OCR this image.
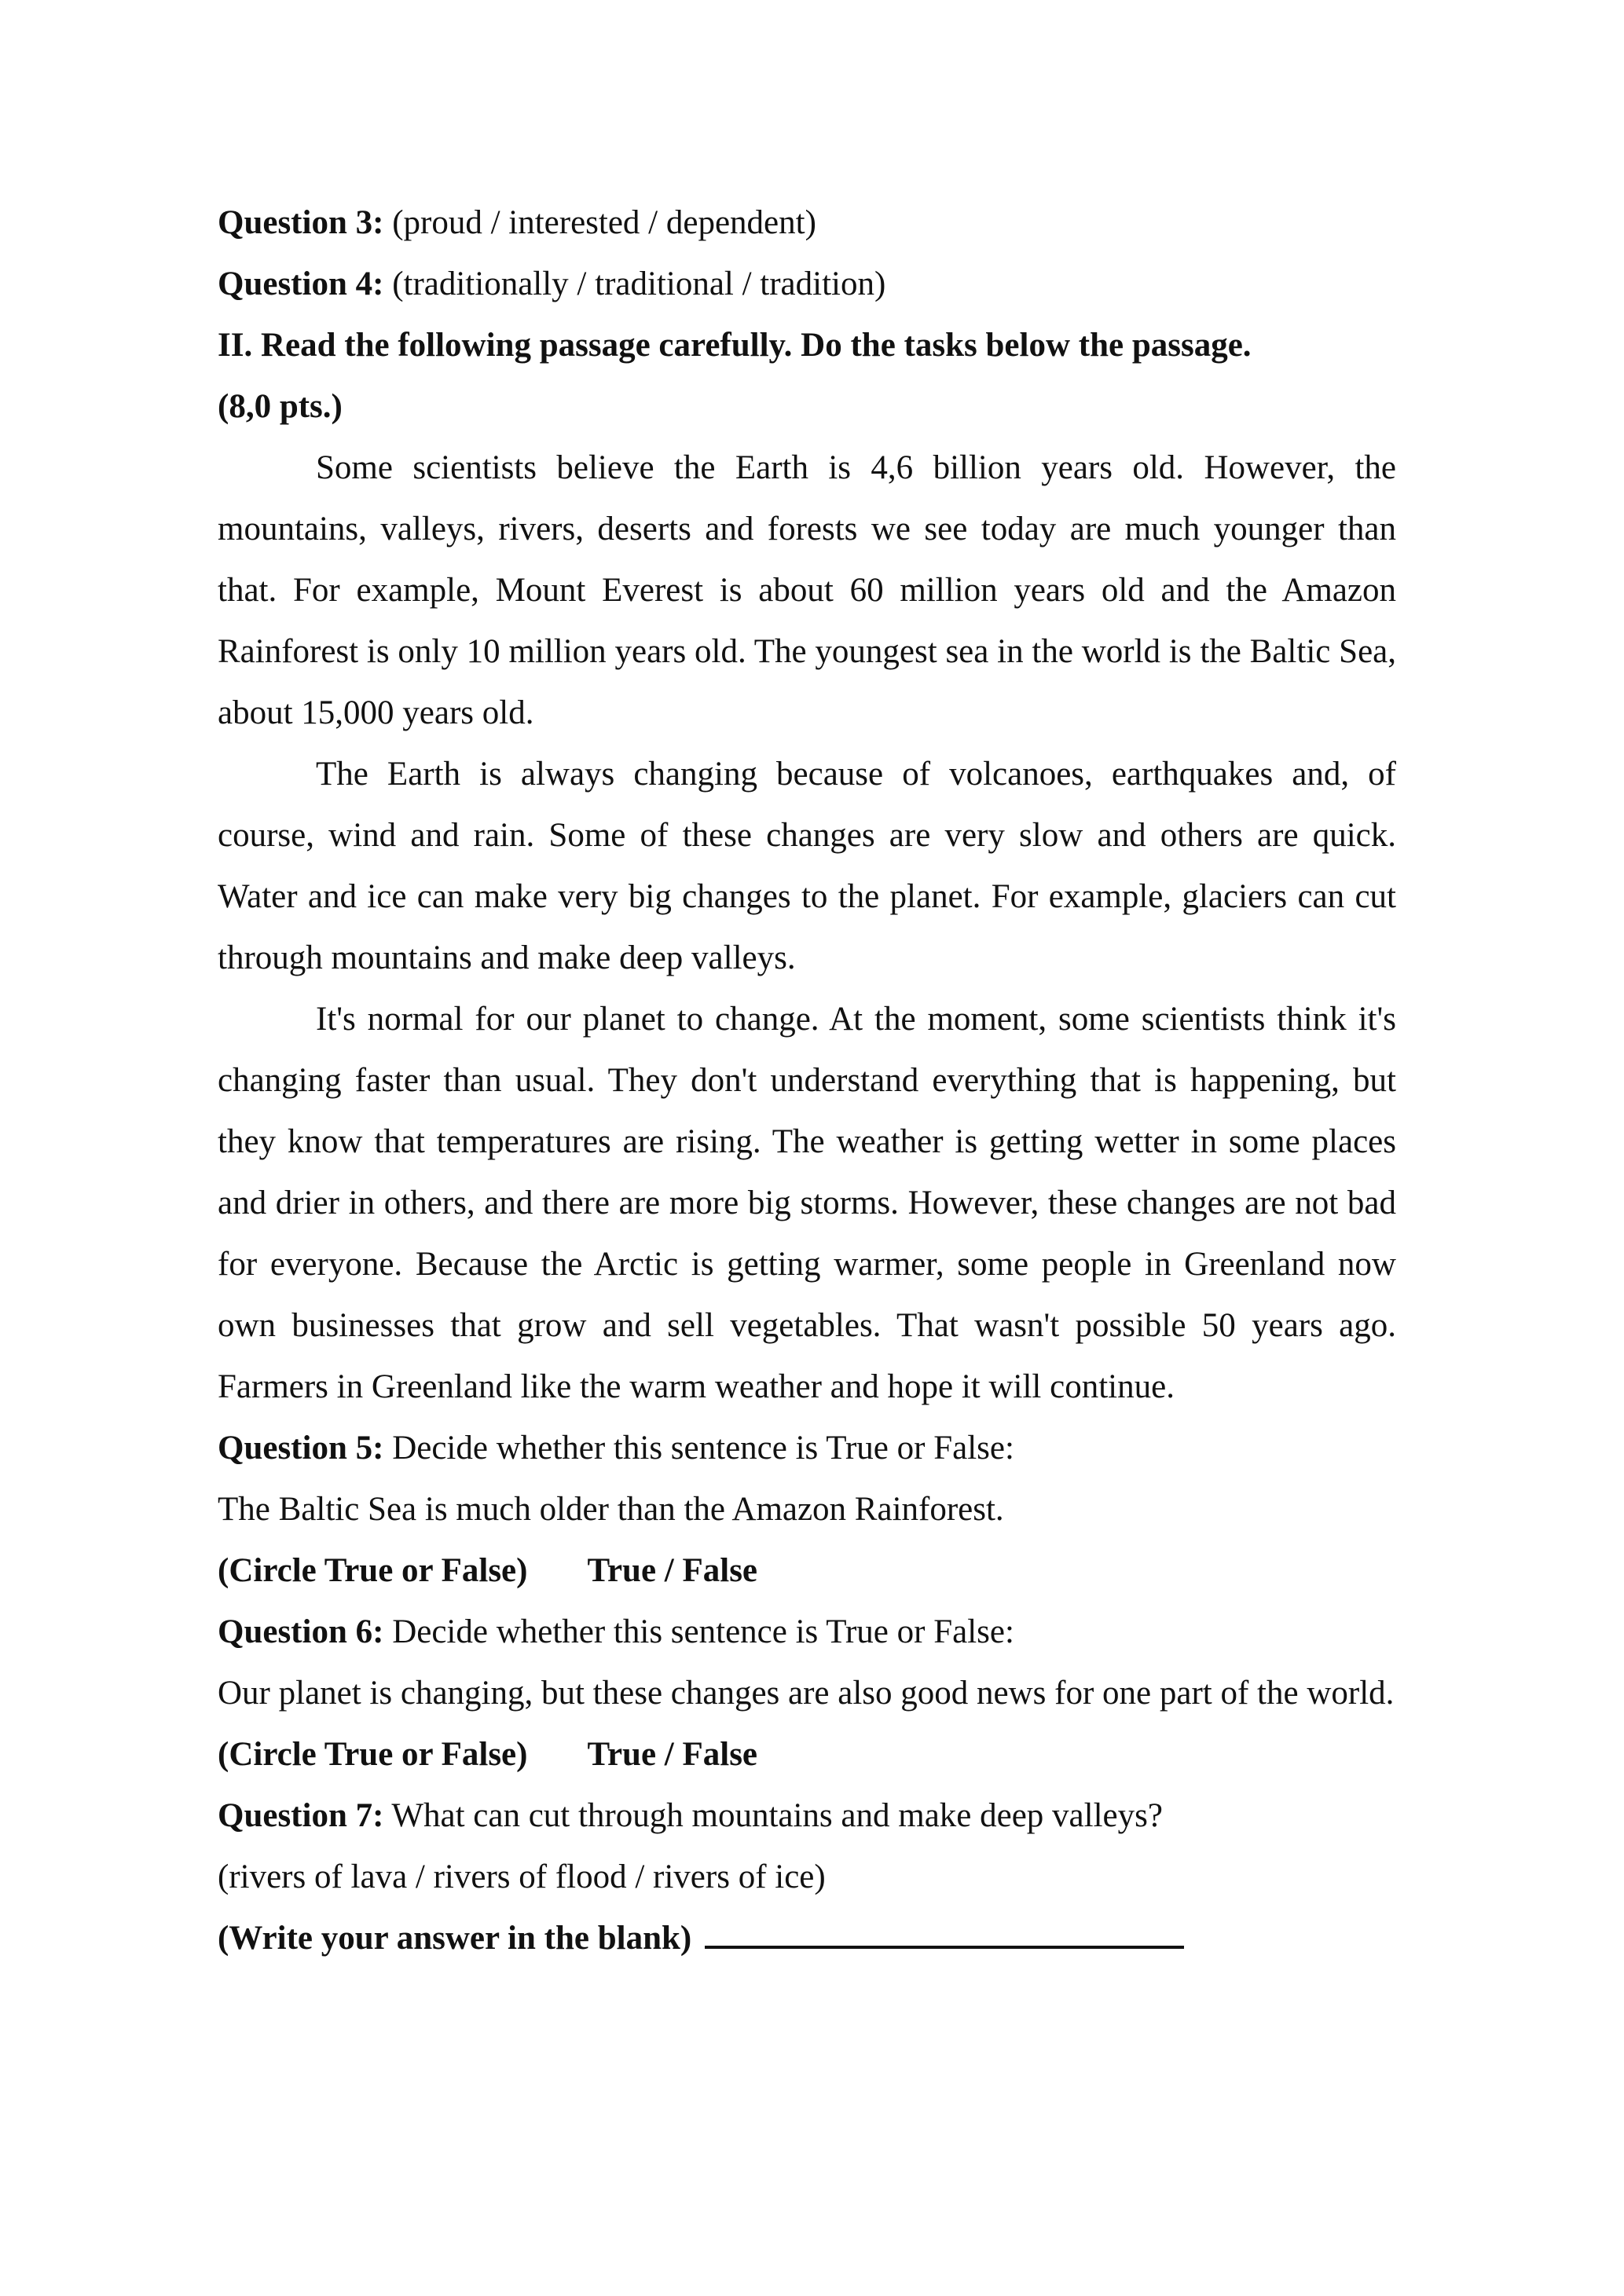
Question 3: (proud / interested / dependent)

Question 4: (traditionally / traditional / tradition)

II. Read the following passage carefully. Do the tasks below the passage.

(8,0 pts.)

Some scientists believe the Earth is 4,6 billion years old. However, the mountains, valleys, rivers, deserts and forests we see today are much younger than that. For example, Mount Everest is about 60 million years old and the Amazon Rainforest is only 10 million years old. The youngest sea in the world is the Baltic Sea, about 15,000 years old.

The Earth is always changing because of volcanoes, earthquakes and, of course, wind and rain. Some of these changes are very slow and others are quick. Water and ice can make very big changes to the planet. For example, glaciers can cut through mountains and make deep valleys.

It's normal for our planet to change. At the moment, some scientists think it's changing faster than usual. They don't understand everything that is happening, but they know that temperatures are rising. The weather is getting wetter in some places and drier in others, and there are more big storms. However, these changes are not bad for everyone. Because the Arctic is getting warmer, some people in Greenland now own businesses that grow and sell vegetables. That wasn't possible 50 years ago. Farmers in Greenland like the warm weather and hope it will continue.

Question 5: Decide whether this sentence is True or False:

The Baltic Sea is much older than the Amazon Rainforest.

(Circle True or False) True / False

Question 6: Decide whether this sentence is True or False:

Our planet is changing, but these changes are also good news for one part of the world.

(Circle True or False) True / False

Question 7: What can cut through mountains and make deep valleys?

(rivers of lava / rivers of flood / rivers of ice)

(Write your answer in the blank)
